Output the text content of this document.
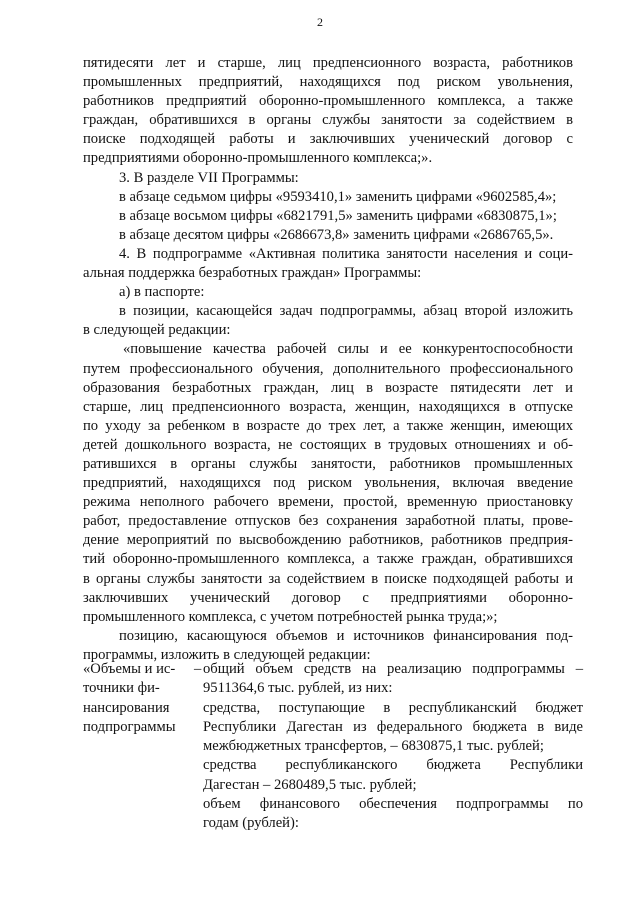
2
пятидесяти лет и старше, лиц предпенсионного возраста, работников
промышленных предприятий, находящихся под риском увольнения,
работников предприятий оборонно-промышленного комплекса, а также
граждан, обратившихся в органы службы занятости за содействием в
поиске подходящей работы и заключивших ученический договор с
предприятиями оборонно-промышленного комплекса;».
3. В разделе VII Программы:
в абзаце седьмом цифры «9593410,1» заменить цифрами «9602585,4»;
в абзаце восьмом цифры «6821791,5» заменить цифрами «6830875,1»;
в абзаце десятом цифры «2686673,8» заменить цифрами «2686765,5».
4. В подпрограмме «Активная политика занятости населения и соци-
альная поддержка безработных граждан» Программы:
а) в паспорте:
в позиции, касающейся задач подпрограммы, абзац второй изложить
в следующей редакции:
«повышение качества рабочей силы и ее конкурентоспособности
путем профессионального обучения, дополнительного профессионального
образования безработных граждан, лиц в возрасте пятидесяти лет и
старше, лиц предпенсионного возраста, женщин, находящихся в отпуске
по уходу за ребенком в возрасте до трех лет, а также женщин, имеющих
детей дошкольного возраста, не состоящих в трудовых отношениях и об-
ратившихся в органы службы занятости, работников промышленных
предприятий, находящихся под риском увольнения, включая введение
режима неполного рабочего времени, простой, временную приостановку
работ, предоставление отпусков без сохранения заработной платы, прове-
дение мероприятий по высвобождению работников, работников предприя-
тий оборонно-промышленного комплекса, а также граждан, обратившихся
в органы службы занятости за содействием в поиске подходящей работы и
заключивших ученический договор с предприятиями оборонно-
промышленного комплекса, с учетом потребностей рынка труда;»;
позицию, касающуюся объемов и источников финансирования под-
программы, изложить в следующей редакции:
«Объемы и ис-
точники фи-
нансирования
подпрограммы
– общий объем средств на реализацию подпрограммы –
9511364,6 тыс. рублей, из них:
средства, поступающие в республиканский бюджет
Республики Дагестан из федерального бюджета в виде
межбюджетных трансфертов, – 6830875,1 тыс. рублей;
средства республиканского бюджета Республики
Дагестан – 2680489,5 тыс. рублей;
объем финансового обеспечения подпрограммы по
годам (рублей):
